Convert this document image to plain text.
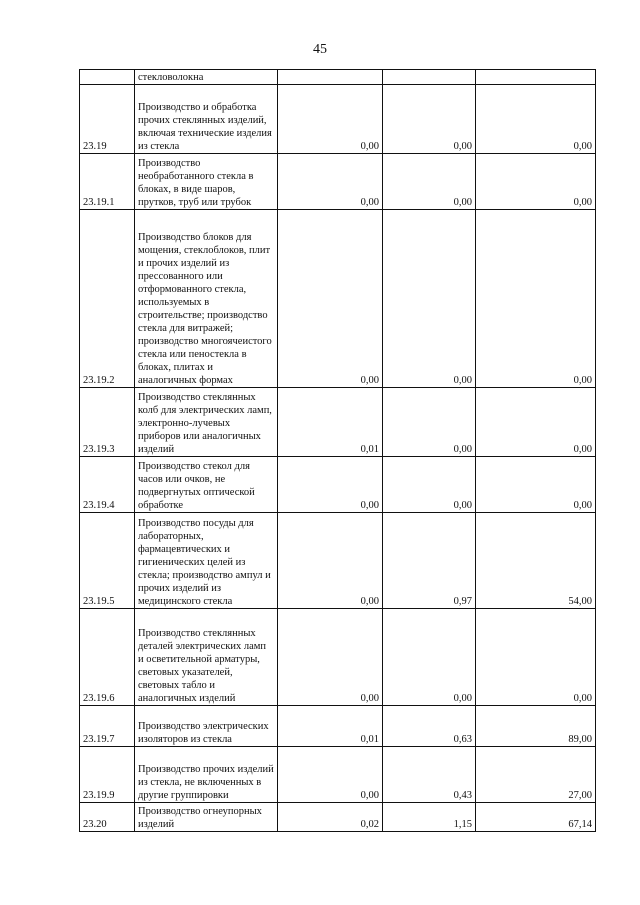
45
	стекловолокна			
23.19	Производство и обработка прочих стеклянных изделий, включая технические изделия из стекла	0,00	0,00	0,00
23.19.1	Производство необработанного стекла в блоках, в виде шаров, прутков, труб или трубок	0,00	0,00	0,00
23.19.2	Производство блоков для мощения, стеклоблоков, плит и прочих изделий из прессованного или отформованного стекла, используемых в строительстве; производство стекла для витражей; производство многоячеистого стекла или пеностекла в блоках, плитах и аналогичных формах	0,00	0,00	0,00
23.19.3	Производство стеклянных колб для электрических ламп, электронно-лучевых приборов или аналогичных изделий	0,01	0,00	0,00
23.19.4	Производство стекол для часов или очков, не подвергнутых оптической обработке	0,00	0,00	0,00
23.19.5	Производство посуды для лабораторных, фармацевтических и гигиенических целей из стекла; производство ампул и прочих изделий из медицинского стекла	0,00	0,97	54,00
23.19.6	Производство стеклянных деталей электрических ламп и осветительной арматуры, световых указателей, световых табло и аналогичных изделий	0,00	0,00	0,00
23.19.7	Производство электрических изоляторов из стекла	0,01	0,63	89,00
23.19.9	Производство прочих изделий из стекла, не включенных в другие группировки	0,00	0,43	27,00
23.20	Производство огнеупорных изделий	0,02	1,15	67,14
